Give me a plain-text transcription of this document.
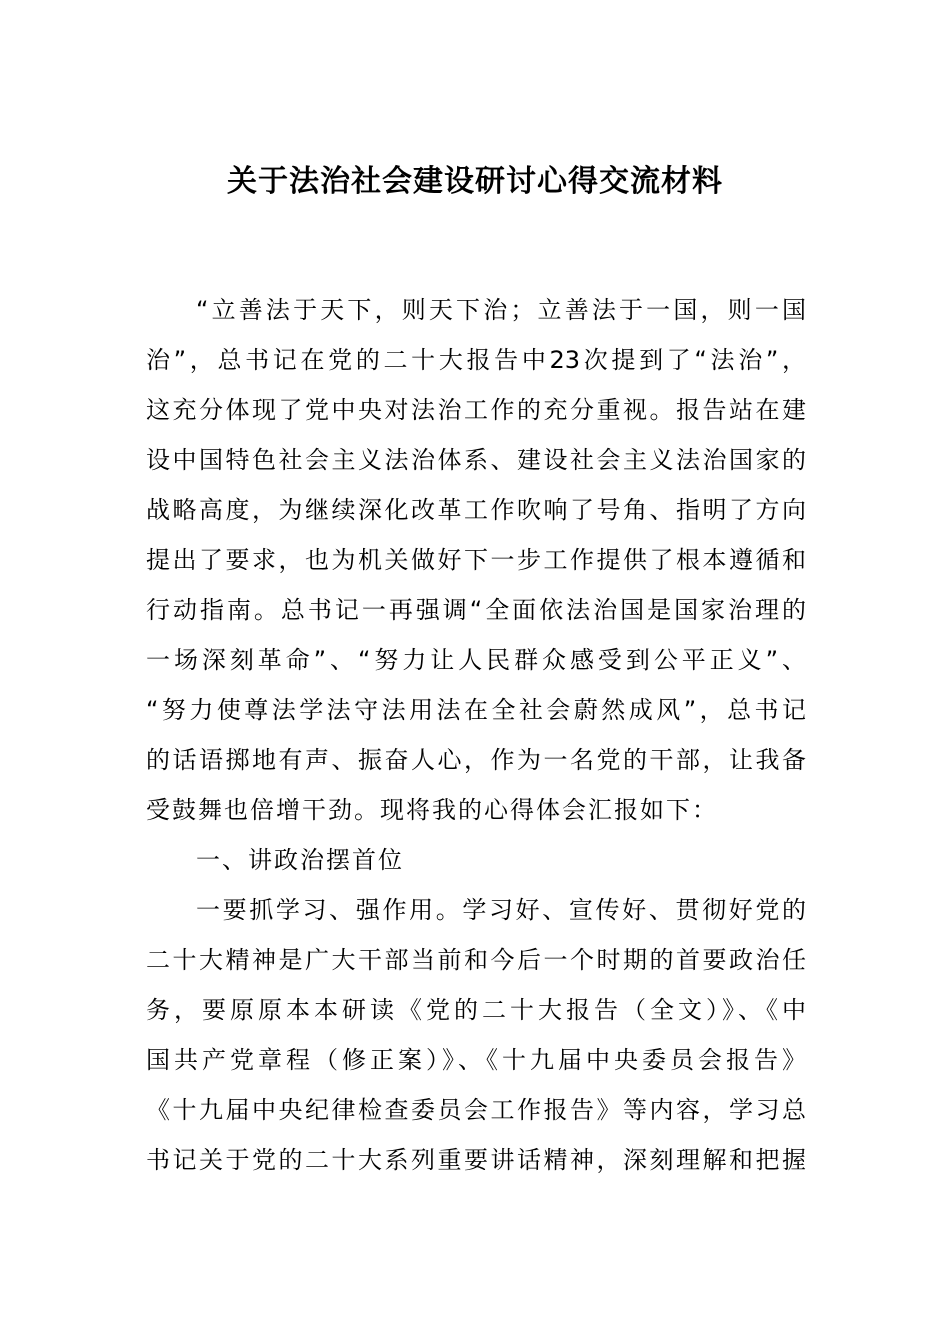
关于法治社会建设研讨心得交流材料

“立善法于天下，则天下治；立善法于一国，则一国

治”，总书记在党的二十大报告中23次提到了“法治”，

这充分体现了党中央对法治工作的充分重视。报告站在建

设中国特色社会主义法治体系、建设社会主义法治国家的

战略高度，为继续深化改革工作吹响了号角、指明了方向

提出了要求，也为机关做好下一步工作提供了根本遵循和

行动指南。总书记一再强调“全面依法治国是国家治理的

一场深刻革命”、“努力让人民群众感受到公平正义”、

“努力使尊法学法守法用法在全社会蔚然成风”，总书记

的话语掷地有声、振奋人心，作为一名党的干部，让我备

受鼓舞也倍增干劲。现将我的心得体会汇报如下：

一、讲政治摆首位

一要抓学习、强作用。学习好、宣传好、贯彻好党的

二十大精神是广大干部当前和今后一个时期的首要政治任

务，要原原本本研读《党的二十大报告（全文）》、《中

国共产党章程（修正案）》、《十九届中央委员会报告》

《十九届中央纪律检查委员会工作报告》等内容，学习总

书记关于党的二十大系列重要讲话精神，深刻理解和把握
